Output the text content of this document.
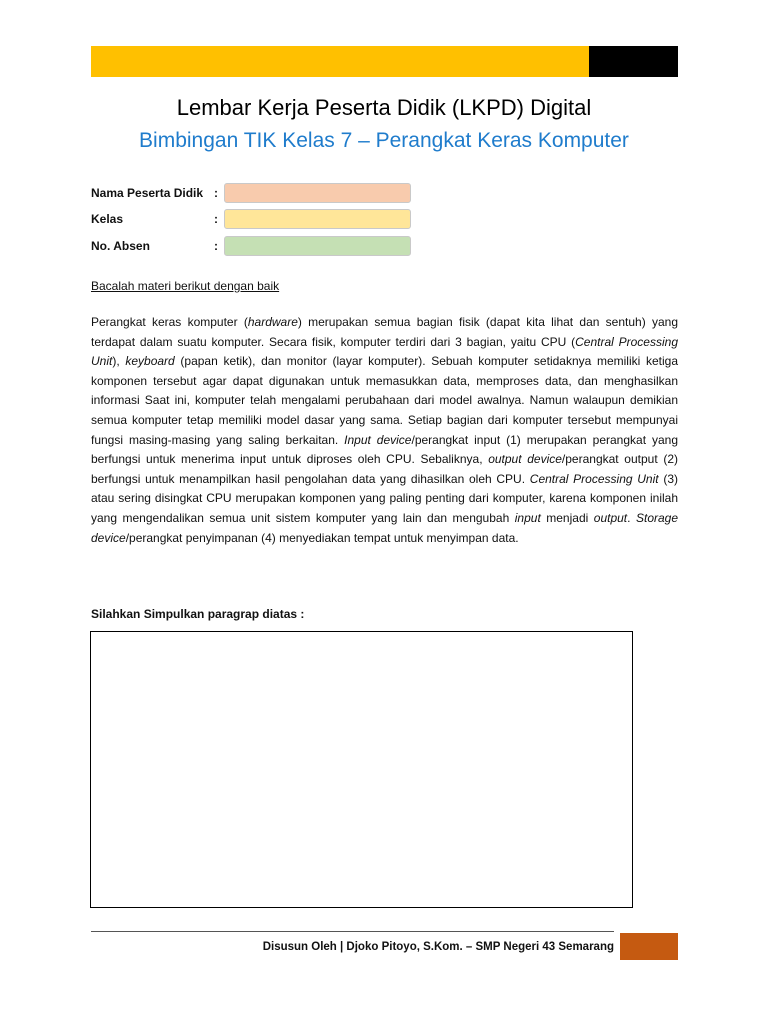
Lembar Kerja Peserta Didik (LKPD) Digital
Bimbingan TIK Kelas 7 – Perangkat Keras Komputer
Nama Peserta Didik :
Kelas	:
No. Absen	:
Bacalah materi berikut dengan baik
Perangkat keras komputer (hardware) merupakan semua bagian fisik (dapat kita lihat dan sentuh) yang terdapat dalam suatu komputer. Secara fisik, komputer terdiri dari 3 bagian, yaitu CPU (Central Processing Unit), keyboard (papan ketik), dan monitor (layar komputer). Sebuah komputer setidaknya memiliki ketiga komponen tersebut agar dapat digunakan untuk memasukkan data, memproses data, dan menghasilkan informasi Saat ini, komputer telah mengalami perubahaan dari model awalnya. Namun walaupun demikian semua komputer tetap memiliki model dasar yang sama. Setiap bagian dari komputer tersebut mempunyai fungsi masing-masing yang saling berkaitan. Input device/perangkat input (1) merupakan perangkat yang berfungsi untuk menerima input untuk diproses oleh CPU. Sebaliknya, output device/perangkat output (2) berfungsi untuk menampilkan hasil pengolahan data yang dihasilkan oleh CPU. Central Processing Unit (3) atau sering disingkat CPU merupakan komponen yang paling penting dari komputer, karena komponen inilah yang mengendalikan semua unit sistem komputer yang lain dan mengubah input menjadi output. Storage device/perangkat penyimpanan (4) menyediakan tempat untuk menyimpan data.
Silahkan Simpulkan paragrap diatas :
Disusun Oleh | Djoko Pitoyo, S.Kom. – SMP Negeri 43 Semarang
